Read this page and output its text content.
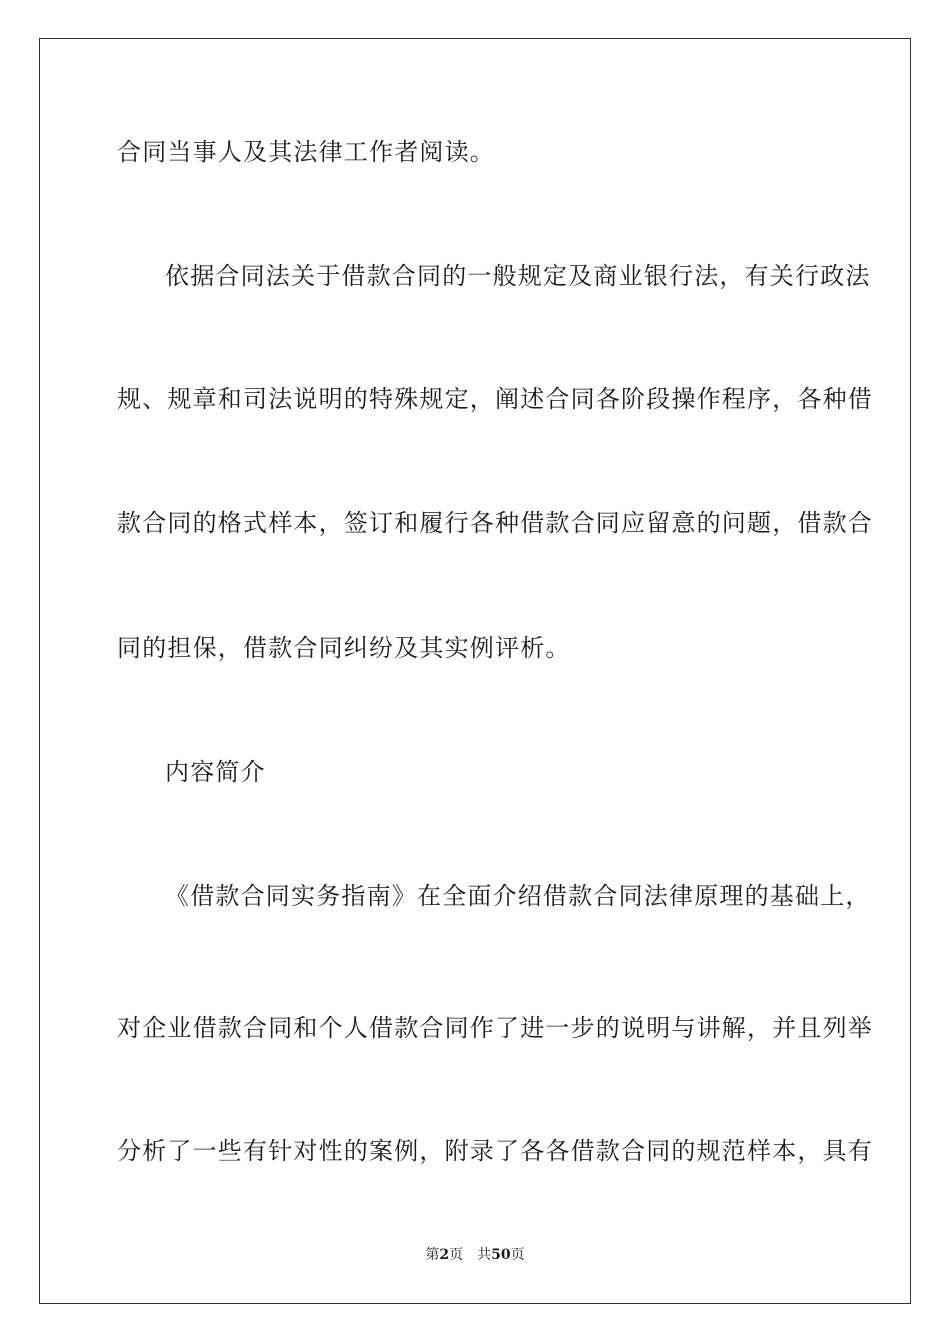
合同当事人及其法律工作者阅读。
依据合同法关于借款合同的一般规定及商业银行法，有关行政法
规、规章和司法说明的特殊规定，阐述合同各阶段操作程序，各种借
款合同的格式样本，签订和履行各种借款合同应留意的问题，借款合
同的担保，借款合同纠纷及其实例评析。
内容简介
《借款合同实务指南》在全面介绍借款合同法律原理的基础上，
对企业借款合同和个人借款合同作了进一步的说明与讲解，并且列举
分析了一些有针对性的案例，附录了各各借款合同的规范样本，具有
第2页 共50页
